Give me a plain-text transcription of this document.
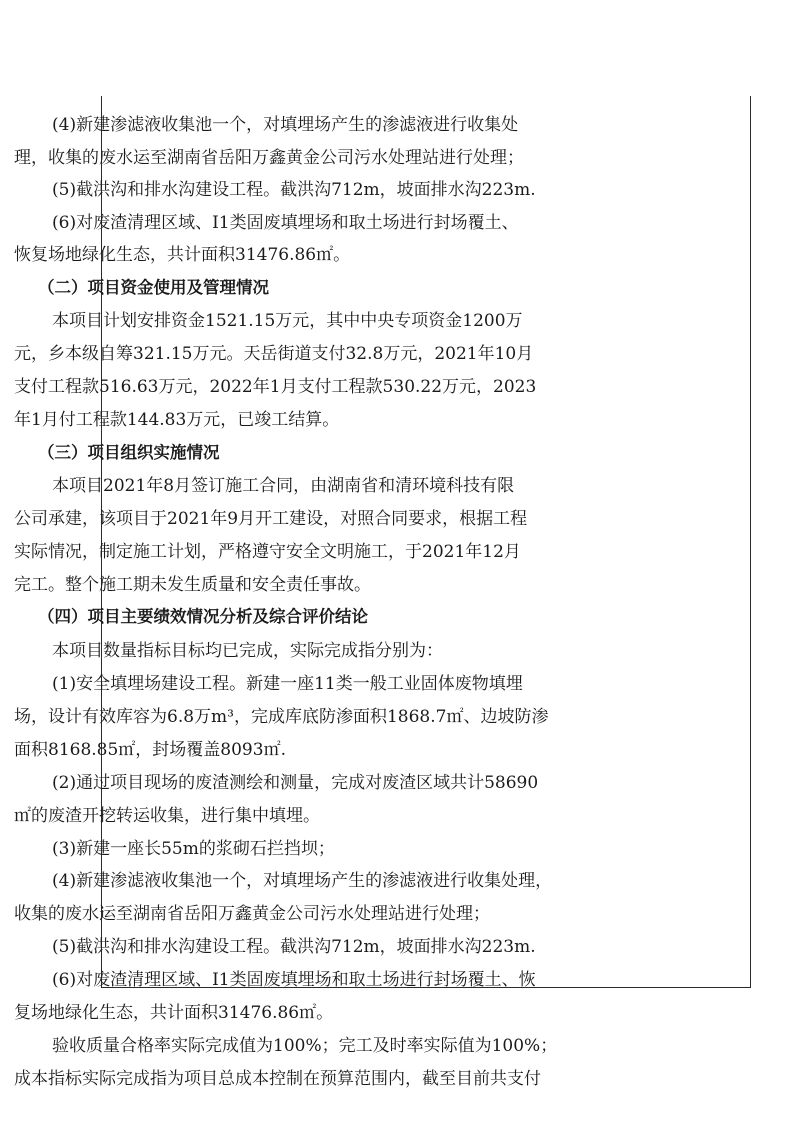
(4)新建渗滤液收集池一个，对填埋场产生的渗滤液进行收集处
理，收集的废水运至湖南省岳阳万鑫黄金公司污水处理站进行处理；
(5)截洪沟和排水沟建设工程。截洪沟712m，坡面排水沟223m.
(6)对废渣清理区域、I1类固废填埋场和取土场进行封场覆土、
恢复场地绿化生态，共计面积31476.86㎡。
（二）项目资金使用及管理情况
本项目计划安排资金1521.15万元，其中中央专项资金1200万
元，乡本级自筹321.15万元。天岳街道支付32.8万元，2021年10月
支付工程款516.63万元，2022年1月支付工程款530.22万元，2023
年1月付工程款144.83万元，已竣工结算。
（三）项目组织实施情况
本项目2021年8月签订施工合同，由湖南省和清环境科技有限
公司承建，该项目于2021年9月开工建设，对照合同要求，根据工程
实际情况，制定施工计划，严格遵守安全文明施工，于2021年12月
完工。整个施工期未发生质量和安全责任事故。
（四）项目主要绩效情况分析及综合评价结论
本项目数量指标目标均已完成，实际完成指分别为：
(1)安全填埋场建设工程。新建一座11类一般工业固体废物填埋
场，设计有效库容为6.8万m³，完成库底防渗面积1868.7㎡、边坡防渗
面积8168.85㎡，封场覆盖8093㎡.
(2)通过项目现场的废渣测绘和测量，完成对废渣区域共计58690
㎡的废渣开挖转运收集，进行集中填埋。
(3)新建一座长55m的浆砌石拦挡坝；
(4)新建渗滤液收集池一个，对填埋场产生的渗滤液进行收集处理，
收集的废水运至湖南省岳阳万鑫黄金公司污水处理站进行处理；
(5)截洪沟和排水沟建设工程。截洪沟712m，坡面排水沟223m.
(6)对废渣清理区域、I1类固废填埋场和取土场进行封场覆土、恢
复场地绿化生态，共计面积31476.86㎡。
验收质量合格率实际完成值为100%；完工及时率实际值为100%；
成本指标实际完成指为项目总成本控制在预算范围内，截至目前共支付
